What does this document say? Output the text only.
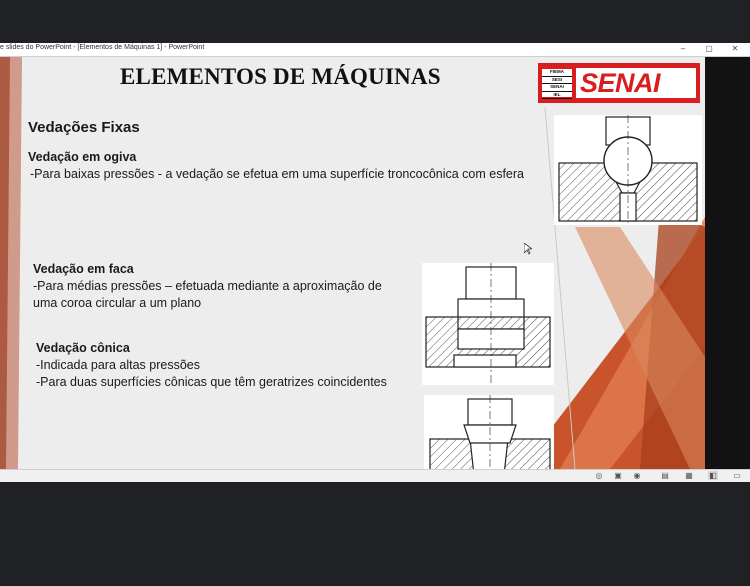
e slides do PowerPoint - [Elementos de Máquinas 1] - PowerPoint	–	▢	✕
ELEMENTOS DE MÁQUINAS	FIEMA
SESI
SENAI
IEL SENAI
Vedações Fixas
Vedação em ogiva
-Para baixas pressões - a vedação se efetua em uma superfície troncocônica com esfera
Vedação em faca
-Para médias pressões – efetuada mediante a aproximação de
uma coroa circular a um plano
Vedação cônica
-Indicada para altas pressões
-Para duas superfícies cônicas que têm geratrizes coincidentes
◎ ▣ ◉	▤ ▦ ◧ ▭
